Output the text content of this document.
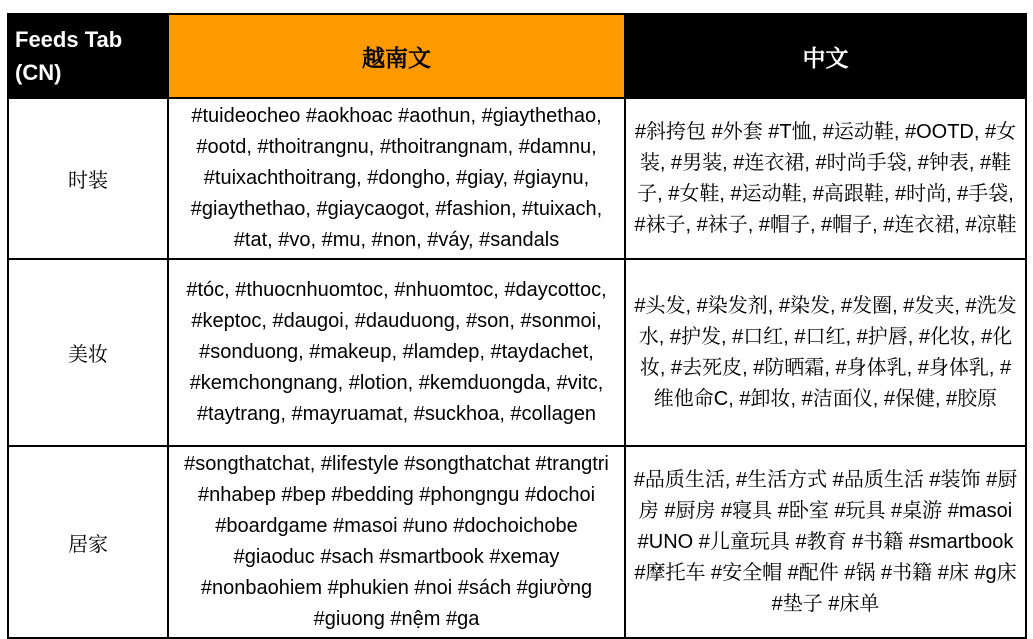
Feeds Tab (CN)	越南文	中文
时装	#tuideocheo #aokhoac #aothun, #giaythethao, #ootd, #thoitrangnu, #thoitrangnam, #damnu, #tuixachthoitrang, #dongho, #giay, #giaynu, #giaythethao, #giaycaogot, #fashion, #tuixach, #tat, #vo, #mu, #non, #váy, #sandals	#斜挎包 #外套 #T恤, #运动鞋, #OOTD, #女装, #男装, #连衣裙, #时尚手袋, #钟表, #鞋子, #女鞋, #运动鞋, #高跟鞋, #时尚, #手袋, #袜子, #袜子, #帽子, #帽子, #连衣裙, #凉鞋
美妆	#tóc, #thuocnhuomtoc, #nhuomtoc, #daycottoc, #keptoc, #daugoi, #dauduong, #son, #sonmoi, #sonduong, #makeup, #lamdep, #taydachet, #kemchongnang, #lotion, #kemduongda, #vitc, #taytrang, #mayruamat, #suckhoa, #collagen	#头发, #染发剂, #染发, #发圈, #发夹, #洗发水, #护发, #口红, #口红, #护唇, #化妆, #化妆, #去死皮, #防晒霜, #身体乳, #身体乳, #维他命C, #卸妆, #洁面仪, #保健, #胶原
居家	#songthatchat, #lifestyle #songthatchat #trangtri #nhabep #bep #bedding #phongngu #dochoi #boardgame #masoi #uno #dochoichobe #giaoduc #sach #smartbook #xemay #nonbaohiem #phukien #noi #sách #giường #giuong #nệm #ga	#品质生活, #生活方式 #品质生活 #装饰 #厨房 #厨房 #寝具 #卧室 #玩具 #桌游 #masoi #UNO #儿童玩具 #教育 #书籍 #smartbook #摩托车 #安全帽 #配件 #锅 #书籍 #床 #g床 #垫子 #床单
